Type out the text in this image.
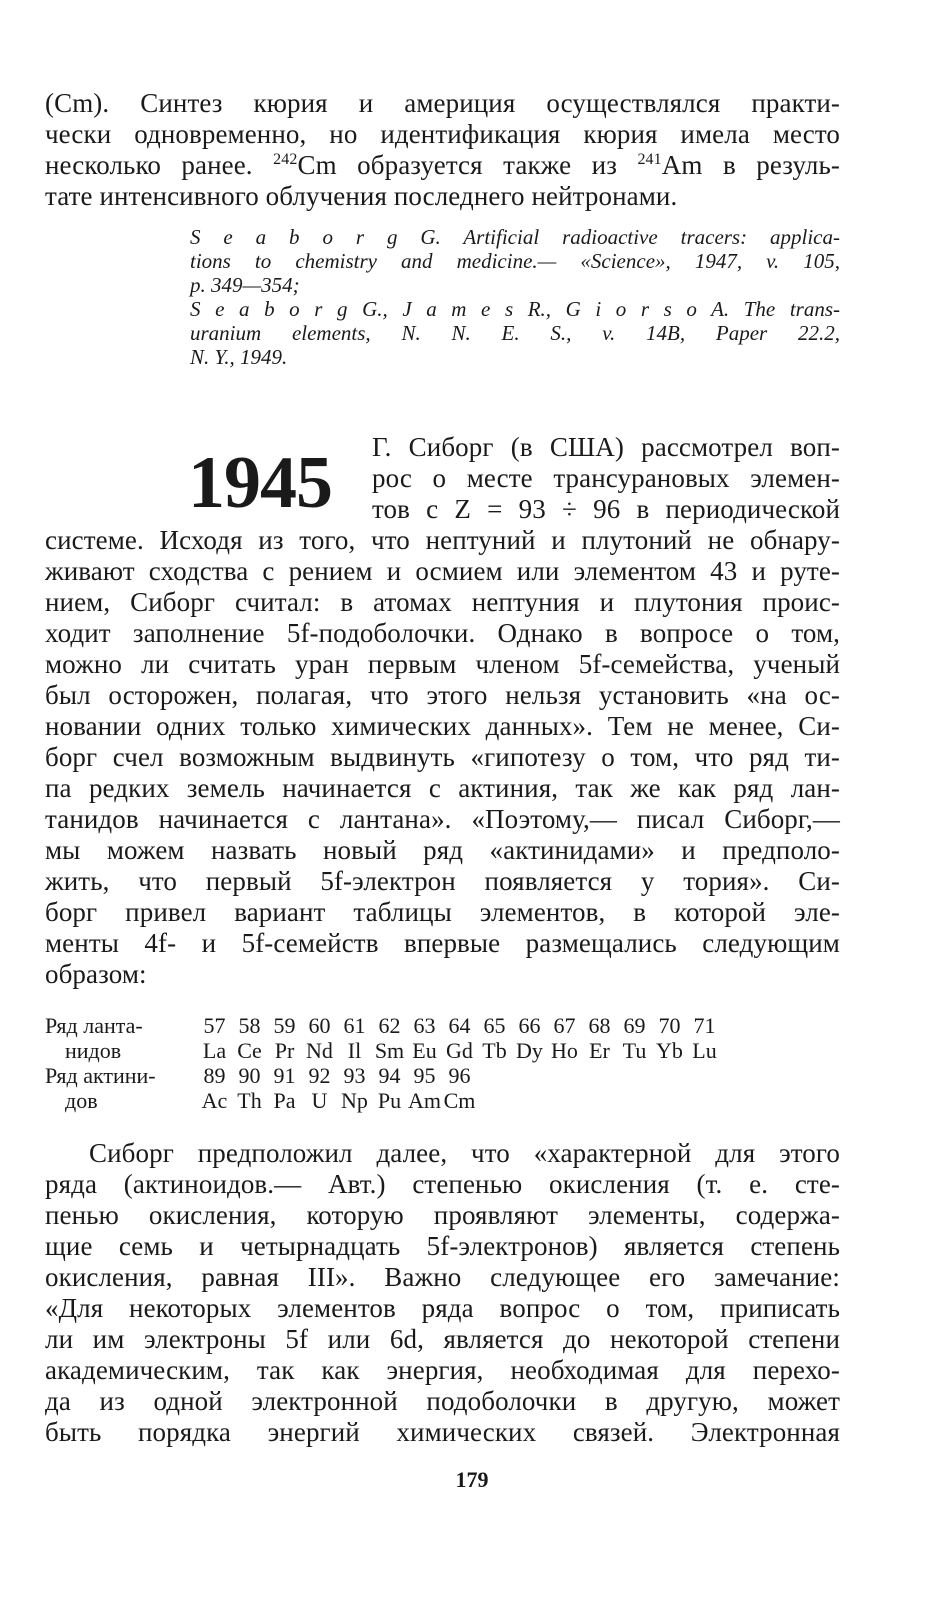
(Cm). Синтез кюрия и америция осуществлялся практи-
чески одновременно, но идентификация кюрия имела место
несколько ранее. $^{242}$Cm образуется также из $^{241}$Am в резуль-
тате интенсивного облучения последнего нейтронами.
S e a b o r g G. Artificial radioactive tracers: applica-
tions to chemistry and medicine.— «Science», 1947, v. 105,
p. 349—354;
S e a b o r g G., J a m e s R., G i o r s o A. The trans-
uranium elements, N. N. E. S., v. 14B, Paper 22.2,
N. Y., 1949.
1945 Г. Сиборг (в США) рассмотрел воп-
рос о месте трансурановых элемен-
тов с Z = 93 ÷ 96 в периодической
системе. Исходя из того, что нептуний и плутоний не обнару-
живают сходства с рением и осмием или элементом 43 и руте-
нием, Сиборг считал: в атомах нептуния и плутония проис-
ходит заполнение 5f-подоболочки. Однако в вопросе о том,
можно ли считать уран первым членом 5f-семейства, ученый
был осторожен, полагая, что этого нельзя установить «на ос-
новании одних только химических данных». Тем не менее, Си-
борг счел возможным выдвинуть «гипотезу о том, что ряд ти-
па редких земель начинается с актиния, так же как ряд лан-
танидов начинается с лантана». «Поэтому,— писал Сиборг,—
мы можем назвать новый ряд «актинидами» и предполо-
жить, что первый 5f-электрон появляется у тория». Си-
борг привел вариант таблицы элементов, в которой эле-
менты 4f- и 5f-семейств впервые размещались следующим
образом:
Ряд ланта-	57	58	59	60	61	62	63	64	65	66	67	68	69	70	71
нидов	La	Ce	Pr	Nd	Il	Sm	Eu	Gd	Tb	Dy	Ho	Er	Tu	Yb	Lu
Ряд актини-	89	90	91	92	93	94	95	96							
дов	Ac	Th	Pa	U	Np	Pu	Am	Cm							
Сиборг предположил далее, что «характерной для этого
ряда (актиноидов.— Авт.) степенью окисления (т. е. сте-
пенью окисления, которую проявляют элементы, содержа-
щие семь и четырнадцать 5f-электронов) является степень
окисления, равная III». Важно следующее его замечание:
«Для некоторых элементов ряда вопрос о том, приписать
ли им электроны 5f или 6d, является до некоторой степени
академическим, так как энергия, необходимая для перехо-
да из одной электронной подоболочки в другую, может
быть порядка энергий химических связей. Электронная
179
